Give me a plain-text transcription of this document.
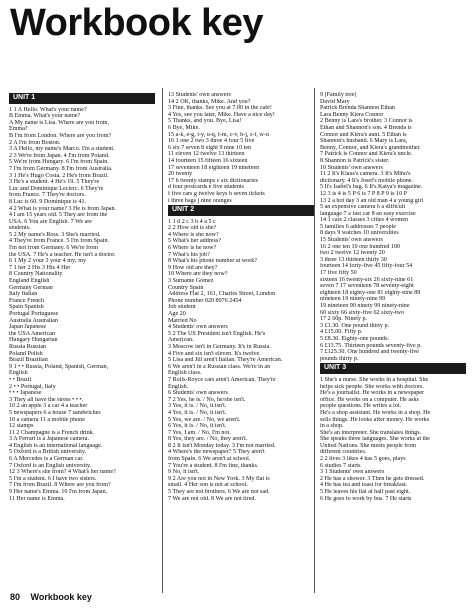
Workbook key
UNIT 1
1 1 A Hello. What's your name?
B Emma. What's your name?
A My name is Lisa. Where are you from,
Emma?
B I'm from London. Where are you from?
2 A I'm from Boston.
3 A Hello, my name's Marco. I'm a student.
2 3 We're from Japan. 4 I'm from Poland.
5 We're from Hungary. 6 I'm from Spain.
7 I'm from Germany. 8 I'm from Australia.
3 1 He's Hugo Costa. 2 He's from Brazil.
3 He's a student. 4 He's 19. 5 They're
Luc and Dominique Leclerc. 6 They're
from France. 7 They're doctors.
8 Luc is 60. 9 Dominique is 41.
4 2 What is your name? 3 He is from Japan.
4 I am 15 years old. 5 They are from the
USA. 6 You are English. 7 We are
students.
5 2 My name's Ross. 3 She's married.
4 They're from France. 5 I'm from Spain.
I'm not from Germany. 6 We're from
the USA. 7 He's a teacher. He isn't a doctor.
6 1 My 2 your 3 your 4 my; my
7 1 her 2 His 3 His 4 Her
8 Country Nationality
England English
Germany German
Italy Italian
France French
Spain Spanish
Portugal Portuguese
Australia Australian
Japan Japanese
the USA American
Hungary Hungarian
Russia Russian
Poland Polish
Brazil Brazilian
9 1 • • Russia, Poland, Spanish, German,
English
• • Brazil
2 • • Portugal, Italy
• • • Japanese
3 They all have the stress • • •.
10 2 an apple 3 a car 4 a teacher
5 newspapers 6 a house 7 sandwiches
10 a camera 11 a mobile phone
12 stamps
11 2 Champagne is a French drink.
3 A Ferrari is a Japanese camera.
4 English is an international language.
5 Oxford is a British university.
6 A Mercedes is a German car.
7 Oxford is an English university.
12 3 Where's she from? 4 What's her name?
5 I'm a student. 6 I have two sisters.
7 I'm from Brazil. 8 Where are you from?
9 Her name's Emma. 10 I'm from Japan.
11 Her name is Emma.
13 Students' own answers
14 2 OK, thanks, Mike. And you?
3 Fine, thanks. See you at 7.00 in the café!
4 Yes, see you later, Mike. Have a nice day!
5 Thanks, and you. Bye, Lisa!
6 Bye, Mike.
15 a-k, e-g, i-y, u-q, f-m, c-v, h-j, s-f, w-u
16 1 one 2 two 3 three 4 four 5 five
6 six 7 seven 8 eight 9 nine 10 ten
11 eleven 12 twelve 13 thirteen
14 fourteen 15 fifteen 16 sixteen
17 seventeen 18 eighteen 19 nineteen
20 twenty
17 b twenty stamps c six dictionaries
d four postcards e five students
f five cars g twelve keys h seven tickets
i three bags j nine oranges
UNIT 2
1 1 d 2 c 3 b 4 a 5 c
2 2 How old is she?
4 Where is she now?
5 What's her address?
6 Where is he now?
7 What's his job?
8 What's his phone number at work?
9 How old are they?
10 Where are they now?
3 Surname Gómez
Country Spain
Address Flat 2, 161, Charles Street, London
Phone number 020 8976 2454
Job student
Age 20
Married No
4 Students' own answers
5 2 The US President isn't English. He's
American.
3 Moscow isn't in Germany. It's in Russia.
4 Five and six isn't eleven. It's twelve.
5 Lisa and Jill aren't Italian. They're American.
6 We aren't in a Russian class. We're in an
English class.
7 Rolls-Royce cars aren't American. They're
English.
6 Students' own answers
7 2 Yes, he is. / No, he/she isn't.
3 Yes, it is. / No, it isn't.
4 Yes, it is. / No, it isn't.
5 Yes, we are. / No, we aren't.
6 Yes, it is. / No, it isn't.
7 Yes, I am. / No, I'm not.
8 Yes, they are. / No, they aren't.
8 2 It isn't Monday today. 3 I'm not married.
4 Where's the newspaper? 5 They aren't
from Spain. 6 We aren't at school.
7 You're a student. 8 I'm fine, thanks.
9 No, it isn't.
9 2 Are you not in New York. 3 My flat is
small. 4 Her son is not at school.
5 They are not brothers. 6 We are not sad.
7 We are not old. 8 We are not tired.
9 [Family tree]
David Mary
Patrick Brenda Shannon Ethan
Lara Benny Kiera Connor
2 Benny is Lara's brother. 3 Connor is
Ethan and Shannon's son. 4 Brenda is
Connor and Kiera's aunt. 5 Ethan is
Shannon's husband. 6 Mary is Lara,
Benny, Connor, and Kiera's grandmother.
7 Patrick is Connor and Kiera's uncle.
8 Shannon is Patrick's sister.
10 Students' own answers
11 2 It's Klaus's camera. 3 It's Miho's
dictionary. 4 It's Josef's mobile phone.
5 It's Isabel's bag. 6 It's Katya's magazine.
12 3 is 4 is 5 P 6 is 7 P 8 P 9 is 10 P
13 2 a hot day 3 an old man 4 a young girl
5 an expensive camera 6 a difficult
language 7 a fast car 8 an easy exercise
14 1 cars 2 classes 3 cities 4 women
5 families 6 addresses 7 people
8 days 9 watches 10 universities
15 Students' own answers
16 2 one ten 10 one hundred 100
two 2 twelve 12 twenty 20
3 three 13 thirteen thirty 30
fourteen 14 forty-five 45 fifty-four 54
17 five fifty 50
sixteen 16 twenty-six 26 sixty-nine 61
seven 7 17 seventeen 78 seventy-eight
eighteen 18 eighty-one 81 eighty-nine 89
nineteen 19 ninety-nine 99
19 nineteen 90 ninety 99 ninety-nine
60 sixty 66 sixty-five 62 sixty-two
17 2 60p. Ninety p.
3 £1.30. One pound thirty p.
4 £15.00. Fifty p.
5 £8.30. Eighty-one pounds.
6 £13.75. Thirteen pounds seventy-five p.
7 £125.30. One hundred and twenty-five
pounds thirty p.
UNIT 3
1 She's a nurse. She works in a hospital. She
helps sick people. She works with doctors.
He's a journalist. He works in a newspaper
office. He works on a computer. He asks
people questions. He writes a lot.
He's a shop assistant. He works in a shop. He
sells things. He looks after money. He works
in a shop.
She's an interpreter. She translates things.
She speaks three languages. She works at the
United Nations. She meets people from
different countries.
2 2 lives 3 likes 4 has 5 goes, plays
6 studies 7 starts
3 1 Students' own answers
2 He has a shower. 3 Then he gets dressed.
4 He has tea and toast for breakfast.
5 He leaves his flat at half past eight.
6 He goes to work by bus. 7 He starts
80 Workbook key
